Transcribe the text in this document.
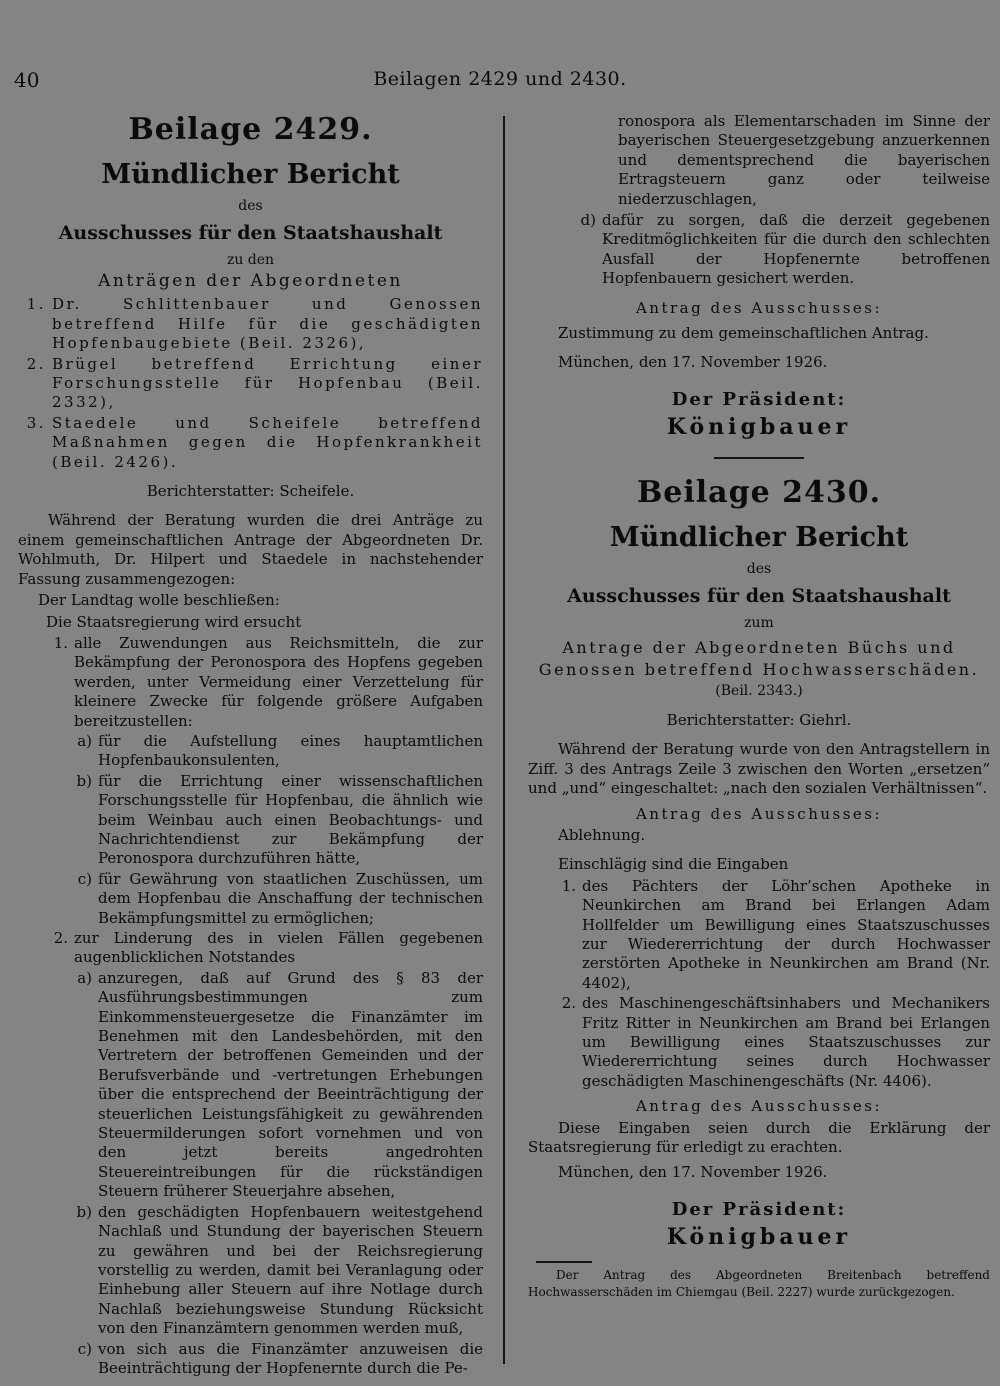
40	Beilagen 2429 und 2430.
Beilage 2429.
Mündlicher Bericht
des
Ausschusses für den Staatshaushalt
zu den
Anträgen der Abgeordneten
1. Dr. Schlittenbauer und Genossen betreffend Hilfe für die geschädigten Hopfenbaugebiete (Beil. 2326),
2. Brügel betreffend Errichtung einer Forschungsstelle für Hopfenbau (Beil. 2332),
3. Staedele und Scheifele betreffend Maßnahmen gegen die Hopfenkrankheit (Beil. 2426).
Berichterstatter: Scheifele.
Während der Beratung wurden die drei Anträge zu einem gemeinschaftlichen Antrage der Abgeordneten Dr. Wohlmuth, Dr. Hilpert und Staedele in nachstehender Fassung zusammengezogen:
Der Landtag wolle beschließen:
Die Staatsregierung wird ersucht
1. alle Zuwendungen aus Reichsmitteln, die zur Bekämpfung der Peronospora des Hopfens gegeben werden, unter Vermeidung einer Verzettelung für kleinere Zwecke für folgende größere Aufgaben bereitzustellen:
a) für die Aufstellung eines hauptamtlichen Hopfenbaukonsulenten,
b) für die Errichtung einer wissenschaftlichen Forschungsstelle für Hopfenbau, die ähnlich wie beim Weinbau auch einen Beobachtungs- und Nachrichtendienst zur Bekämpfung der Peronospora durchzuführen hätte,
c) für Gewährung von staatlichen Zuschüssen, um dem Hopfenbau die Anschaffung der technischen Bekämpfungsmittel zu ermöglichen;
2. zur Linderung des in vielen Fällen gegebenen augenblicklichen Notstandes
a) anzuregen, daß auf Grund des § 83 der Ausführungsbestimmungen zum Einkommensteuergesetze die Finanzämter im Benehmen mit den Landesbehörden, mit den Vertretern der betroffenen Gemeinden und der Berufsverbände und -vertretungen Erhebungen über die entsprechend der Beeinträchtigung der steuerlichen Leistungsfähigkeit zu gewährenden Steuermilderungen sofort vornehmen und von den jetzt bereits angedrohten Steuereintreibungen für die rückständigen Steuern früherer Steuerjahre absehen,
b) den geschädigten Hopfenbauern weitestgehend Nachlaß und Stundung der bayerischen Steuern zu gewähren und bei der Reichsregierung vorstellig zu werden, damit bei Veranlagung oder Einhebung aller Steuern auf ihre Notlage durch Nachlaß beziehungsweise Stundung Rücksicht von den Finanzämtern genommen werden muß,
c) von sich aus die Finanzämter anzuweisen die Beeinträchtigung der Hopfenernte durch die Pe-
ronospora als Elementarschaden im Sinne der bayerischen Steuergesetzgebung anzuerkennen und dementsprechend die bayerischen Ertragsteuern ganz oder teilweise niederzuschlagen,
d) dafür zu sorgen, daß die derzeit gegebenen Kreditmöglichkeiten für die durch den schlechten Ausfall der Hopfenernte betroffenen Hopfenbauern gesichert werden.
Antrag des Ausschusses:
Zustimmung zu dem gemeinschaftlichen Antrag.
München, den 17. November 1926.
Der Präsident:
Königbauer
Beilage 2430.
Mündlicher Bericht
des
Ausschusses für den Staatshaushalt
zum
Antrage der Abgeordneten Büchs und Genossen betreffend Hochwasserschäden.
(Beil. 2343.)
Berichterstatter: Giehrl.
Während der Beratung wurde von den Antragstellern in Ziff. 3 des Antrags Zeile 3 zwischen den Worten „ersetzen“ und „und“ eingeschaltet: „nach den sozialen Verhältnissen“.
Antrag des Ausschusses:
Ablehnung.
Einschlägig sind die Eingaben
1. des Pächters der Löhr’schen Apotheke in Neunkirchen am Brand bei Erlangen Adam Hollfelder um Bewilligung eines Staatszuschusses zur Wiedererrichtung der durch Hochwasser zerstörten Apotheke in Neunkirchen am Brand (Nr. 4402),
2. des Maschinengeschäftsinhabers und Mechanikers Fritz Ritter in Neunkirchen am Brand bei Erlangen um Bewilligung eines Staatszuschusses zur Wiedererrichtung seines durch Hochwasser geschädigten Maschinengeschäfts (Nr. 4406).
Antrag des Ausschusses:
Diese Eingaben seien durch die Erklärung der Staatsregierung für erledigt zu erachten.
München, den 17. November 1926.
Der Präsident:
Königbauer
Der Antrag des Abgeordneten Breitenbach betreffend Hochwasserschäden im Chiemgau (Beil. 2227) wurde zurückgezogen.
